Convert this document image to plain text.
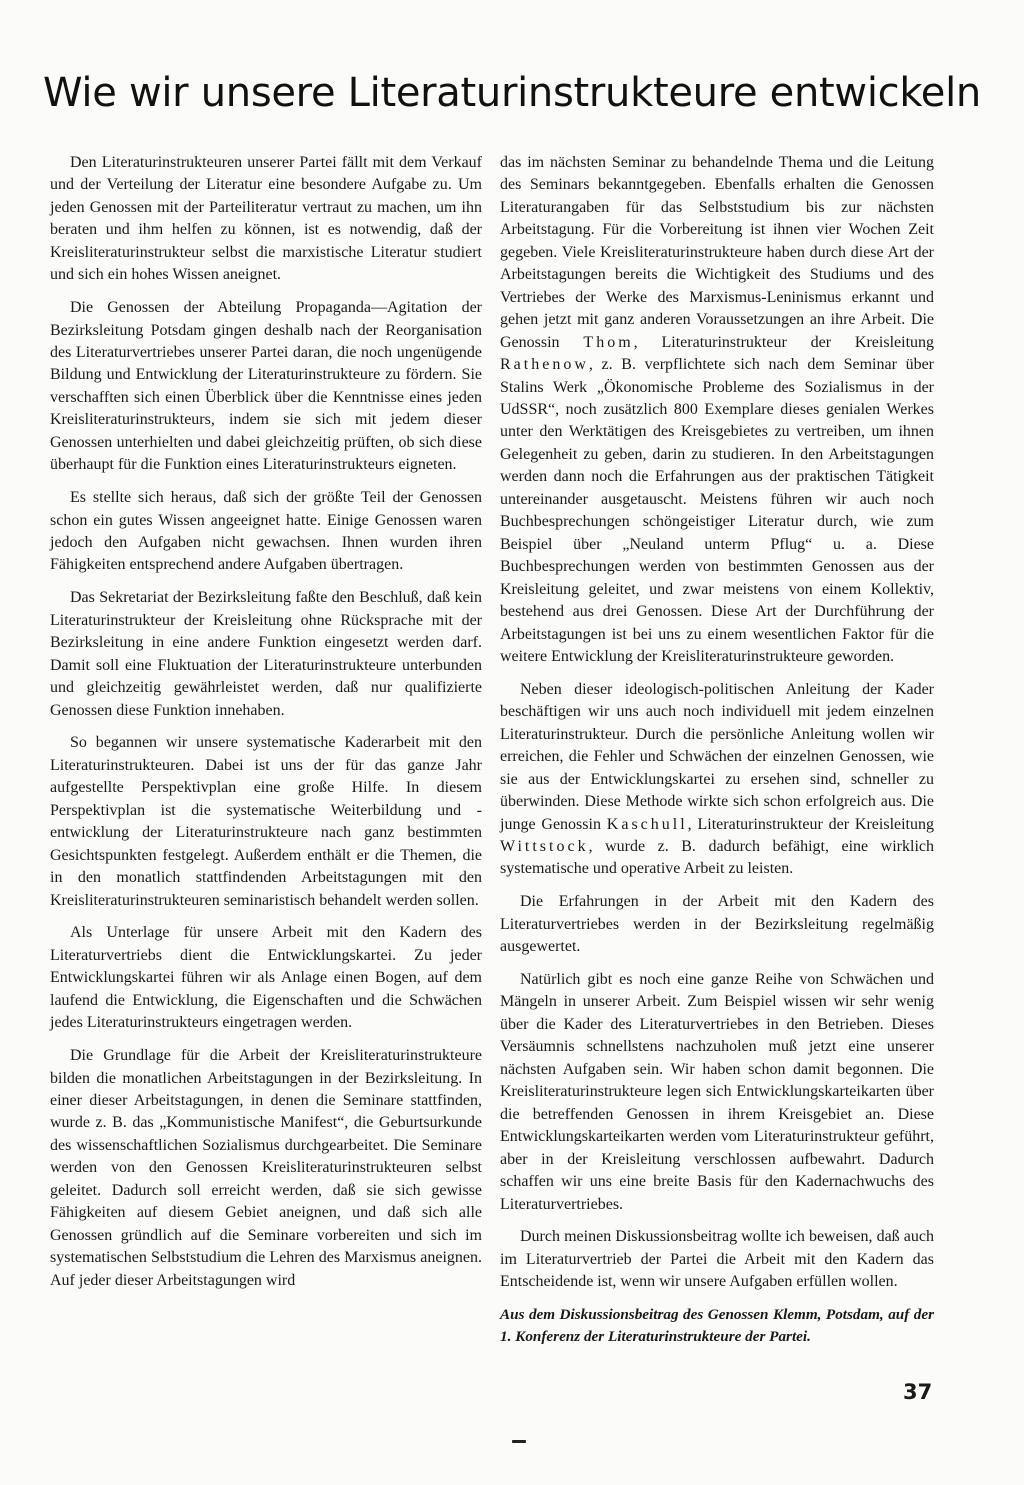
Wie wir unsere Literaturinstrukteure entwickeln

Den Literaturinstrukteuren unserer Partei fällt mit dem Verkauf und der Verteilung der Literatur eine besondere Aufgabe zu. Um jeden Genossen mit der Parteiliteratur vertraut zu machen, um ihn beraten und ihm helfen zu können, ist es notwendig, daß der Kreisliteraturinstrukteur selbst die marxistische Literatur studiert und sich ein hohes Wissen aneignet.

Die Genossen der Abteilung Propaganda—Agitation der Bezirksleitung Potsdam gingen deshalb nach der Reorganisation des Literaturvertriebes unserer Partei daran, die noch ungenügende Bildung und Entwicklung der Literaturinstrukteure zu fördern. Sie verschafften sich einen Überblick über die Kenntnisse eines jeden Kreisliteraturinstrukteurs, indem sie sich mit jedem dieser Genossen unterhielten und dabei gleichzeitig prüften, ob sich diese überhaupt für die Funktion eines Literaturinstrukteurs eigneten.

Es stellte sich heraus, daß sich der größte Teil der Genossen schon ein gutes Wissen angeeignet hatte. Einige Genossen waren jedoch den Aufgaben nicht gewachsen. Ihnen wurden ihren Fähigkeiten entsprechend andere Aufgaben übertragen.

Das Sekretariat der Bezirksleitung faßte den Beschluß, daß kein Literaturinstrukteur der Kreisleitung ohne Rücksprache mit der Bezirksleitung in eine andere Funktion eingesetzt werden darf. Damit soll eine Fluktuation der Literaturinstrukteure unterbunden und gleichzeitig gewährleistet werden, daß nur qualifizierte Genossen diese Funktion innehaben.

So begannen wir unsere systematische Kaderarbeit mit den Literaturinstrukteuren. Dabei ist uns der für das ganze Jahr aufgestellte Perspektivplan eine große Hilfe. In diesem Perspektivplan ist die systematische Weiterbildung und -entwicklung der Literaturinstrukteure nach ganz bestimmten Gesichtspunkten festgelegt. Außerdem enthält er die Themen, die in den monatlich stattfindenden Arbeitstagungen mit den Kreisliteraturinstrukteuren seminaristisch behandelt werden sollen.

Als Unterlage für unsere Arbeit mit den Kadern des Literaturvertriebs dient die Entwicklungskartei. Zu jeder Entwicklungskartei führen wir als Anlage einen Bogen, auf dem laufend die Entwicklung, die Eigenschaften und die Schwächen jedes Literaturinstrukteurs eingetragen werden.

Die Grundlage für die Arbeit der Kreisliteraturinstrukteure bilden die monatlichen Arbeitstagungen in der Bezirksleitung. In einer dieser Arbeitstagungen, in denen die Seminare stattfinden, wurde z. B. das „Kommunistische Manifest“, die Geburtsurkunde des wissenschaftlichen Sozialismus durchgearbeitet. Die Seminare werden von den Genossen Kreisliteraturinstrukteuren selbst geleitet. Dadurch soll erreicht werden, daß sie sich gewisse Fähigkeiten auf diesem Gebiet aneignen, und daß sich alle Genossen gründlich auf die Seminare vorbereiten und sich im systematischen Selbststudium die Lehren des Marxismus aneignen. Auf jeder dieser Arbeitstagungen wird

das im nächsten Seminar zu behandelnde Thema und die Leitung des Seminars bekanntgegeben. Ebenfalls erhalten die Genossen Literaturangaben für das Selbststudium bis zur nächsten Arbeitstagung. Für die Vorbereitung ist ihnen vier Wochen Zeit gegeben. Viele Kreisliteraturinstrukteure haben durch diese Art der Arbeitstagungen bereits die Wichtigkeit des Studiums und des Vertriebes der Werke des Marxismus-Leninismus erkannt und gehen jetzt mit ganz anderen Voraussetzungen an ihre Arbeit. Die Genossin Thom, Literaturinstrukteur der Kreisleitung Rathenow, z. B. verpflichtete sich nach dem Seminar über Stalins Werk „Ökonomische Probleme des Sozialismus in der UdSSR“, noch zusätzlich 800 Exemplare dieses genialen Werkes unter den Werktätigen des Kreisgebietes zu vertreiben, um ihnen Gelegenheit zu geben, darin zu studieren. In den Arbeitstagungen werden dann noch die Erfahrungen aus der praktischen Tätigkeit untereinander ausgetauscht. Meistens führen wir auch noch Buchbesprechungen schöngeistiger Literatur durch, wie zum Beispiel über „Neuland unterm Pflug“ u. a. Diese Buchbesprechungen werden von bestimmten Genossen aus der Kreisleitung geleitet, und zwar meistens von einem Kollektiv, bestehend aus drei Genossen. Diese Art der Durchführung der Arbeitstagungen ist bei uns zu einem wesentlichen Faktor für die weitere Entwicklung der Kreisliteraturinstrukteure geworden.

Neben dieser ideologisch-politischen Anleitung der Kader beschäftigen wir uns auch noch individuell mit jedem einzelnen Literaturinstrukteur. Durch die persönliche Anleitung wollen wir erreichen, die Fehler und Schwächen der einzelnen Genossen, wie sie aus der Entwicklungskartei zu ersehen sind, schneller zu überwinden. Diese Methode wirkte sich schon erfolgreich aus. Die junge Genossin Kaschull, Literaturinstrukteur der Kreisleitung Wittstock, wurde z. B. dadurch befähigt, eine wirklich systematische und operative Arbeit zu leisten.

Die Erfahrungen in der Arbeit mit den Kadern des Literaturvertriebes werden in der Bezirksleitung regelmäßig ausgewertet.

Natürlich gibt es noch eine ganze Reihe von Schwächen und Mängeln in unserer Arbeit. Zum Beispiel wissen wir sehr wenig über die Kader des Literaturvertriebes in den Betrieben. Dieses Versäumnis schnellstens nachzuholen muß jetzt eine unserer nächsten Aufgaben sein. Wir haben schon damit begonnen. Die Kreisliteraturinstrukteure legen sich Entwicklungskarteikarten über die betreffenden Genossen in ihrem Kreisgebiet an. Diese Entwicklungskarteikarten werden vom Literaturinstrukteur geführt, aber in der Kreisleitung verschlossen aufbewahrt. Dadurch schaffen wir uns eine breite Basis für den Kadernachwuchs des Literaturvertriebes.

Durch meinen Diskussionsbeitrag wollte ich beweisen, daß auch im Literaturvertrieb der Partei die Arbeit mit den Kadern das Entscheidende ist, wenn wir unsere Aufgaben erfüllen wollen.

Aus dem Diskussionsbeitrag des Genossen Klemm, Potsdam, auf der 1. Konferenz der Literaturinstrukteure der Partei.

37
